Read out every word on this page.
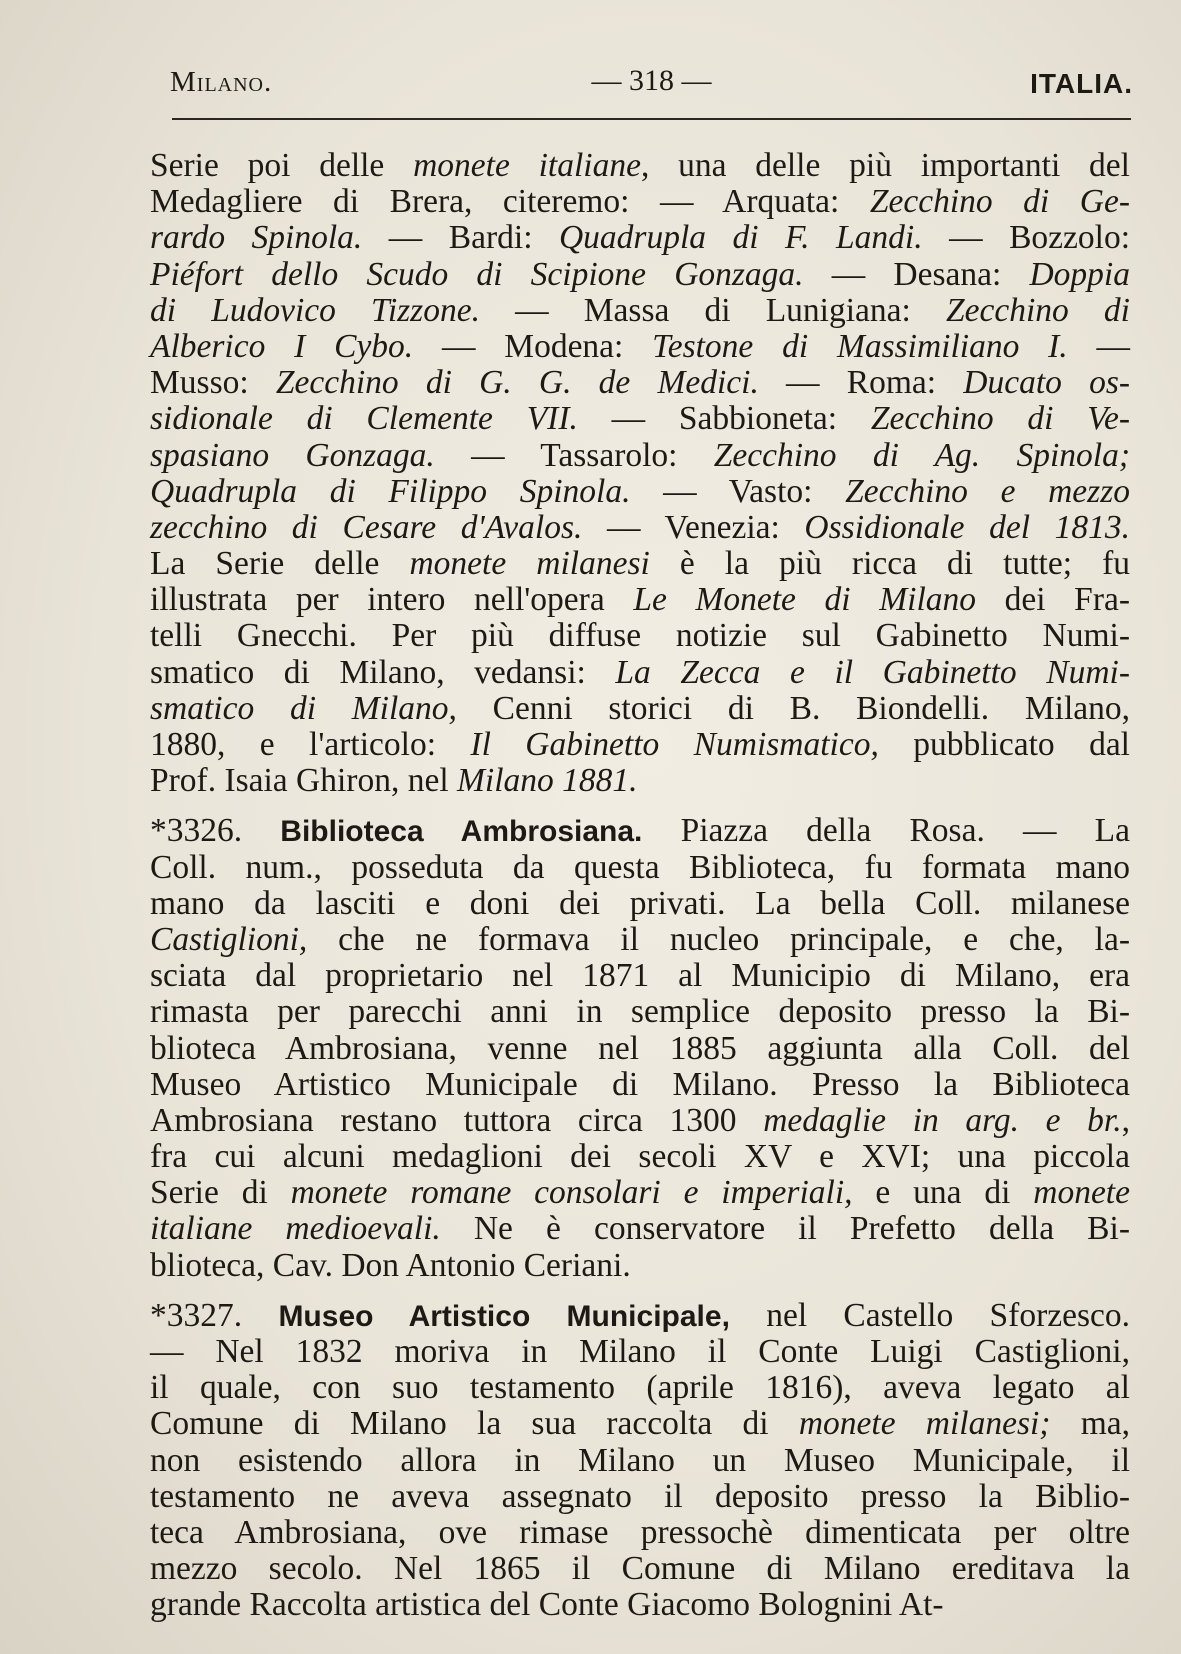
Milano.	— 318 —	ITALIA.
Serie poi delle monete italiane, una delle più importanti del
Medagliere di Brera, citeremo: — Arquata: Zecchino di Ge-
rardo Spinola. — Bardi: Quadrupla di F. Landi. — Bozzolo:
Piéfort dello Scudo di Scipione Gonzaga. — Desana: Doppia
di Ludovico Tizzone. — Massa di Lunigiana: Zecchino di
Alberico I Cybo. — Modena: Testone di Massimiliano I. —
Musso: Zecchino di G. G. de Medici. — Roma: Ducato os-
sidionale di Clemente VII. — Sabbioneta: Zecchino di Ve-
spasiano Gonzaga. — Tassarolo: Zecchino di Ag. Spinola;
Quadrupla di Filippo Spinola. — Vasto: Zecchino e mezzo
zecchino di Cesare d'Avalos. — Venezia: Ossidionale del 1813.
La Serie delle monete milanesi è la più ricca di tutte; fu
illustrata per intero nell'opera Le Monete di Milano dei Fra-
telli Gnecchi. Per più diffuse notizie sul Gabinetto Numi-
smatico di Milano, vedansi: La Zecca e il Gabinetto Numi-
smatico di Milano, Cenni storici di B. Biondelli. Milano,
1880, e l'articolo: Il Gabinetto Numismatico, pubblicato dal
Prof. Isaia Ghiron, nel Milano 1881.
*3326. Biblioteca Ambrosiana. Piazza della Rosa. — La
Coll. num., posseduta da questa Biblioteca, fu formata mano
mano da lasciti e doni dei privati. La bella Coll. milanese
Castiglioni, che ne formava il nucleo principale, e che, la-
sciata dal proprietario nel 1871 al Municipio di Milano, era
rimasta per parecchi anni in semplice deposito presso la Bi-
blioteca Ambrosiana, venne nel 1885 aggiunta alla Coll. del
Museo Artistico Municipale di Milano. Presso la Biblioteca
Ambrosiana restano tuttora circa 1300 medaglie in arg. e br.,
fra cui alcuni medaglioni dei secoli XV e XVI; una piccola
Serie di monete romane consolari e imperiali, e una di monete
italiane medioevali. Ne è conservatore il Prefetto della Bi-
blioteca, Cav. Don Antonio Ceriani.
*3327. Museo Artistico Municipale, nel Castello Sforzesco.
— Nel 1832 moriva in Milano il Conte Luigi Castiglioni,
il quale, con suo testamento (aprile 1816), aveva legato al
Comune di Milano la sua raccolta di monete milanesi; ma,
non esistendo allora in Milano un Museo Municipale, il
testamento ne aveva assegnato il deposito presso la Biblio-
teca Ambrosiana, ove rimase pressochè dimenticata per oltre
mezzo secolo. Nel 1865 il Comune di Milano ereditava la
grande Raccolta artistica del Conte Giacomo Bolognini At-
